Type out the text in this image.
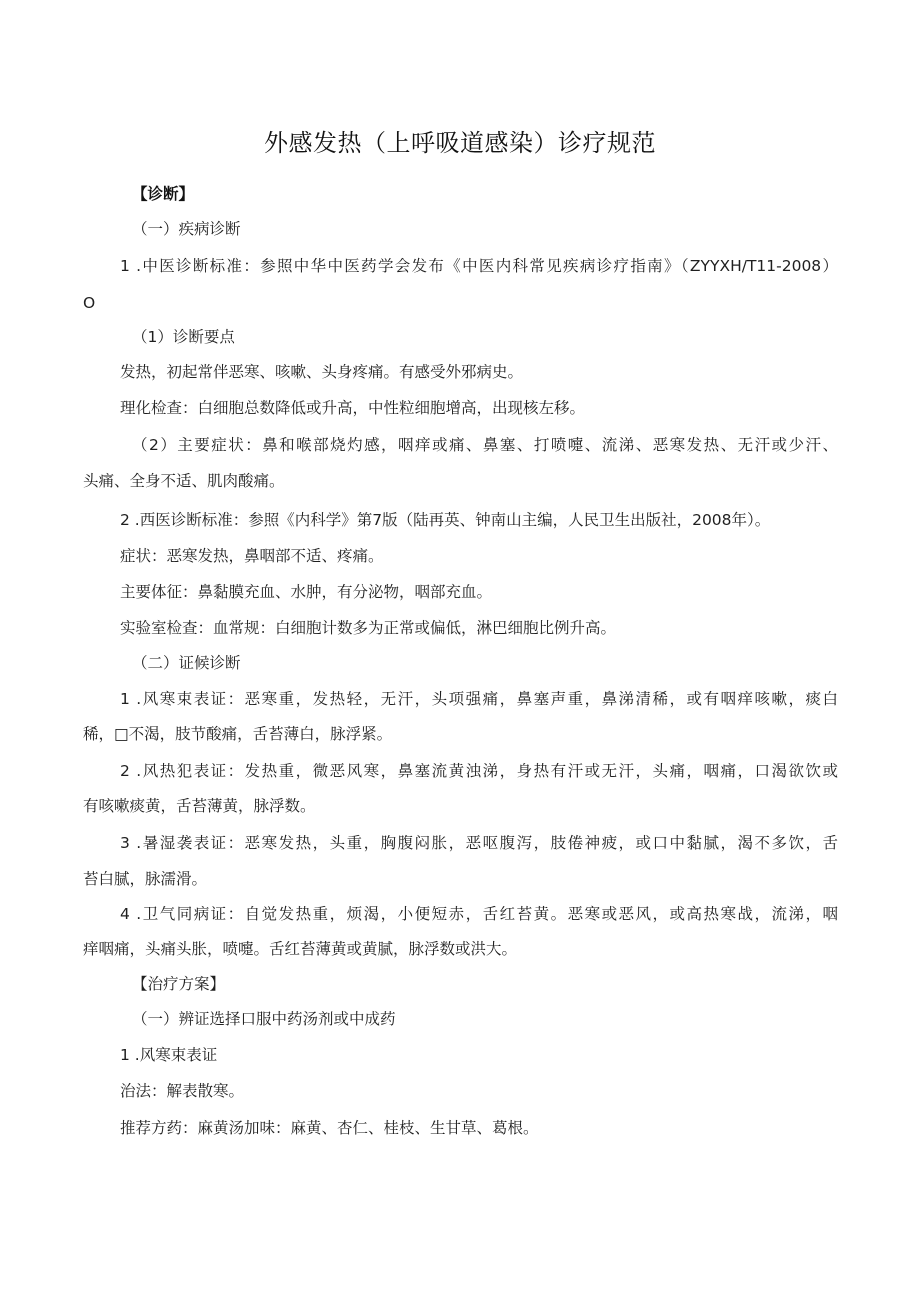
外感发热（上呼吸道感染）诊疗规范
【诊断】
（一）疾病诊断
1 .中医诊断标准：参照中华中医药学会发布《中医内科常见疾病诊疗指南》（ZYYXH/T11-2008）
O
（1）诊断要点
发热，初起常伴恶寒、咳嗽、头身疼痛。有感受外邪病史。
理化检查：白细胞总数降低或升高，中性粒细胞增高，出现核左移。
（2）主要症状：鼻和喉部烧灼感，咽痒或痛、鼻塞、打喷嚏、流涕、恶寒发热、无汗或少汗、
头痛、全身不适、肌肉酸痛。
2 .西医诊断标准：参照《内科学》第7版（陆再英、钟南山主编，人民卫生出版社，2008年）。
症状：恶寒发热，鼻咽部不适、疼痛。
主要体征：鼻黏膜充血、水肿，有分泌物，咽部充血。
实验室检查：血常规：白细胞计数多为正常或偏低，淋巴细胞比例升高。
（二）证候诊断
1 .风寒束表证：恶寒重，发热轻，无汗，头项强痛，鼻塞声重，鼻涕清稀，或有咽痒咳嗽，痰白
稀，□不渴，肢节酸痛，舌苔薄白，脉浮紧。
2 .风热犯表证：发热重，微恶风寒，鼻塞流黄浊涕，身热有汗或无汗，头痛，咽痛，口渴欲饮或
有咳嗽痰黄，舌苔薄黄，脉浮数。
3 .暑湿袭表证：恶寒发热，头重，胸腹闷胀，恶呕腹泻，肢倦神疲，或口中黏腻，渴不多饮，舌
苔白腻，脉濡滑。
4 .卫气同病证：自觉发热重，烦渴，小便短赤，舌红苔黄。恶寒或恶风，或高热寒战，流涕，咽
痒咽痛，头痛头胀，喷嚏。舌红苔薄黄或黄腻，脉浮数或洪大。
【治疗方案】
（一）辨证选择口服中药汤剂或中成药
1 .风寒束表证
治法：解表散寒。
推荐方药：麻黄汤加味：麻黄、杏仁、桂枝、生甘草、葛根。
